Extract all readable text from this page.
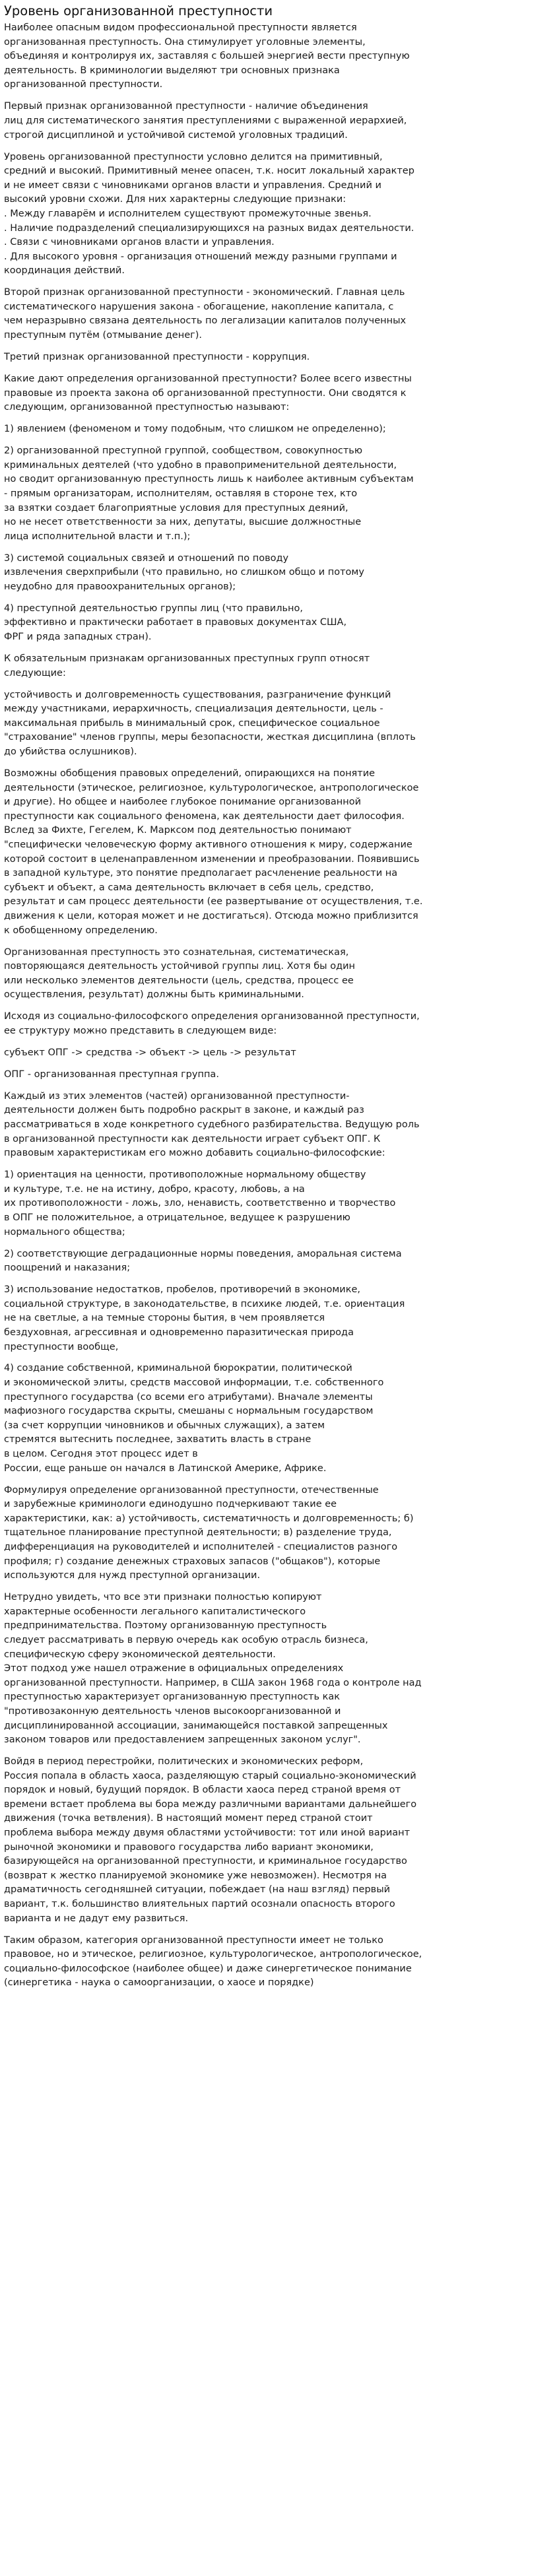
Уровень организованной преступности

Наиболее опасным видом профессиональной преступности является
организованная преступность. Она стимулирует уголовные элементы,
объединяя и контролируя их, заставляя с большей энергией вести преступную
деятельность. В криминологии выделяют три основных признака
организованной преступности.

Первый признак организованной преступности - наличие объединения
лиц для систематического занятия преступлениями с выраженной иерархией,
строгой дисциплиной и устойчивой системой уголовных традиций.

Уровень организованной преступности условно делится на примитивный,
средний и высокий. Примитивный менее опасен, т.к. носит локальный характер
и не имеет связи с чиновниками органов власти и управления. Средний и
высокий уровни схожи. Для них характерны следующие признаки:
. Между главарём и исполнителем существуют промежуточные звенья.
. Наличие подразделений специализирующихся на разных видах деятельности.
. Связи с чиновниками органов власти и управления.
. Для высокого уровня - организация отношений между разными группами и
координация действий.

Второй признак организованной преступности - экономический. Главная цель
систематического нарушения закона - обогащение, накопление капитала, с
чем неразрывно связана деятельность по легализации капиталов полученных
преступным путём (отмывание денег).

Третий признак организованной преступности - коррупция.

Какие дают определения организованной преступности? Более всего известны
правовые из проекта закона об организованной преступности. Они сводятся к
следующим, организованной преступностью называют:

1) явлением (феноменом и тому подобным, что слишком не определенно);

2) организованной преступной группой, сообществом, совокупностью
криминальных деятелей (что удобно в правоприменительной деятельности,
но сводит организованную преступность лишь к наиболее активным субъектам
- прямым организаторам, исполнителям, оставляя в стороне тех, кто
за взятки создает благоприятные условия для преступных деяний,
но не несет ответственности за них, депутаты, высшие должностные
лица исполнительной власти и т.п.);

3) системой социальных связей и отношений по поводу
извлечения сверхприбыли (что правильно, но слишком общо и потому
неудобно для правоохранительных органов);

4) преступной деятельностью группы лиц (что правильно,
эффективно и практически работает в правовых документах США,
ФРГ и ряда западных стран).

К обязательным признакам организованных преступных групп относят
следующие:

устойчивость и долговременность существования, разграничение функций
между участниками, иерархичность, специализация деятельности, цель -
максимальная прибыль в минимальный срок, специфическое социальное
"страхование" членов группы, меры безопасности, жесткая дисциплина (вплоть
до убийства ослушников).

Возможны обобщения правовых определений, опирающихся на понятие
деятельности (этическое, религиозное, культурологическое, антропологическое
и другие). Но общее и наиболее глубокое понимание организованной
преступности как социального феномена, как деятельности дает философия.
Вслед за Фихте, Гегелем, К. Марксом под деятельностью понимают
"специфически человеческую форму активного отношения к миру, содержание
которой состоит в целенаправленном изменении и преобразовании. Появившись
в западной культуре, это понятие предполагает расчленение реальности на
субъект и объект, а сама деятельность включает в себя цель, средство,
результат и сам процесс деятельности (ее развертывание от осуществления, т.е.
движения к цели, которая может и не достигаться). Отсюда можно приблизится
к обобщенному определению.

Организованная преступность это сознательная, систематическая,
повторяющаяся деятельность устойчивой группы лиц. Хотя бы один
или несколько элементов деятельности (цель, средства, процесс ее
осуществления, результат) должны быть криминальными.

Исходя из социально-философского определения организованной преступности,
ее структуру можно представить в следующем виде:

субъект ОПГ -> средства -> объект -> цель -> результат

ОПГ - организованная преступная группа.

Каждый из этих элементов (частей) организованной преступности-
деятельности должен быть подробно раскрыт в законе, и каждый раз
рассматриваться в ходе конкретного судебного разбирательства. Ведущую роль
в организованной преступности как деятельности играет субъект ОПГ. К
правовым характеристикам его можно добавить социально-философские:

1) ориентация на ценности, противоположные нормальному обществу
и культуре, т.е. не на истину, добро, красоту, любовь, а на
их противоположности - ложь, зло, ненависть, соответственно и творчество
в ОПГ не положительное, а отрицательное, ведущее к разрушению
нормального общества;

2) соответствующие деградационные нормы поведения, аморальная система
поощрений и наказания;

3) использование недостатков, пробелов, противоречий в экономике,
социальной структуре, в законодательстве, в психике людей, т.е. ориентация
не на светлые, а на темные стороны бытия, в чем проявляется
бездуховная, агрессивная и одновременно паразитическая природа
преступности вообще,

4) создание собственной, криминальной бюрократии, политической
и экономической элиты, средств массовой информации, т.е. собственного
преступного государства (со всеми его атрибутами). Вначале элементы
мафиозного государства скрыты, смешаны с нормальным государством
(за счет коррупции чиновников и обычных служащих), а затем
стремятся вытеснить последнее, захватить власть в стране
в целом. Сегодня этот процесс идет в
России, еще раньше он начался в Латинской Америке, Африке.

Формулируя определение организованной преступности, отечественные
и зарубежные криминологи единодушно подчеркивают такие ее
характеристики, как: а) устойчивость, систематичность и долговременность; б)
тщательное планирование преступной деятельности; в) разделение труда,
дифференциация на руководителей и исполнителей - специалистов разного
профиля; г) создание денежных страховых запасов ("общаков"), которые
используются для нужд преступной организации.

Нетрудно увидеть, что все эти признаки полностью копируют
характерные особенности легального капиталистического
предпринимательства. Поэтому организованную преступность
следует рассматривать в первую очередь как особую отрасль бизнеса,
специфическую сферу экономической деятельности.
Этот подход уже нашел отражение в официальных определениях
организованной преступности. Например, в США закон 1968 года о контроле над
преступностью характеризует организованную преступность как
"противозаконную деятельность членов высокоорганизованной и
дисциплинированной ассоциации, занимающейся поставкой запрещенных
законом товаров или предоставлением запрещенных законом услуг".

Войдя в период перестройки, политических и экономических реформ,
Россия попала в область хаоса, разделяющую старый социально-экономический
порядок и новый, будущий порядок. В области хаоса перед страной время от
времени встает проблема вы бора между различными вариантами дальнейшего
движения (точка ветвления). В настоящий момент перед страной стоит
проблема выбора между двумя областями устойчивости: тот или иной вариант
рыночной экономики и правового государства либо вариант экономики,
базирующейся на организованной преступности, и криминальное государство
(возврат к жестко планируемой экономике уже невозможен). Несмотря на
драматичность сегодняшней ситуации, побеждает (на наш взгляд) первый
вариант, т.к. большинство влиятельных партий осознали опасность второго
варианта и не дадут ему развиться.

Таким образом, категория организованной преступности имеет не только
правовое, но и этическое, религиозное, культурологическое, антропологическое,
социально-философское (наиболее общее) и даже синергетическое понимание
(синергетика - наука о самоорганизации, о хаосе и порядке)
